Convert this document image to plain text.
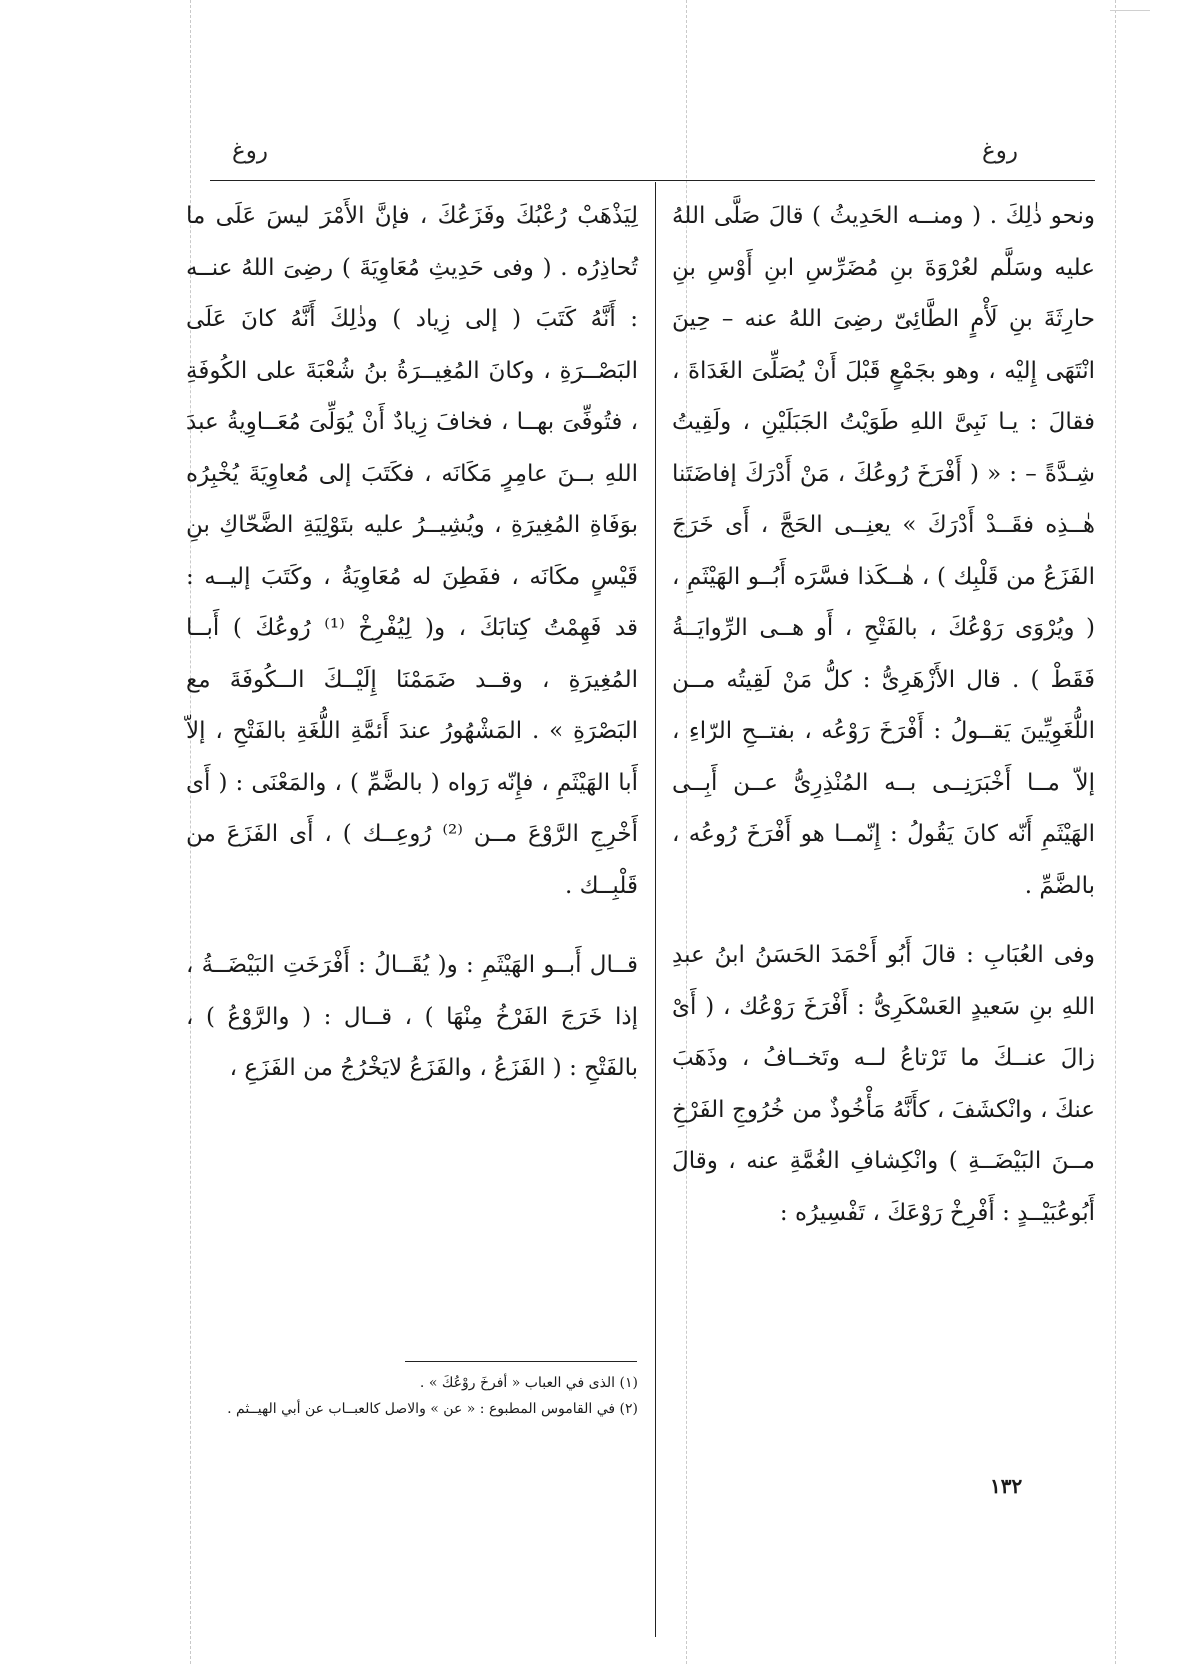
روغ	روغ

ونحو ذٰلِكَ . ( ومنــه الحَدِيثُ ) قالَ صَلَّى اللهُ عليه وسَلَّم لعُرْوَةَ بنِ مُضَرِّسِ ابنِ أَوْسِ بنِ حارِثَةَ بنِ لَأْمٍ الطَّائِىّ رضِىَ اللهُ عنه – حِينَ انْتَهَى إِليْه ، وهو بجَمْعٍ قَبْلَ أَنْ يُصَلِّىَ الغَدَاةَ ، فقالَ : يـا نَبِىَّ اللهِ طَوَيْتُ الجَبَلَيْنِ ، ولَقِيتُ شِـدَّةً – : « ( أَفْرَخَ رُوعُكَ ، مَنْ أَدْرَكَ إفاضَتَنا هٰــذِه فقَــدْ أَدْرَكَ » يعنِــى الحَجَّ ، أَى خَرَجَ الفَزَعُ من قَلْبِك ) ، هٰــكَذا فسَّرَه أَبُــو الهَيْثَمِ ، ( ويُرْوَى رَوْعُكَ ، بالفَتْحِ ، أَو هــى الرِّوايَــةُ فَقَطْ ) . قال الأَزْهَرِىُّ : كلُّ مَنْ لَقِيتُه مــن اللُّغَوِيِّينَ يَقــولُ : أَفْرَخَ رَوْعُه ، بفتــحِ الرّاءِ ، إلاّ مــا أَخْبَرَنِــى بــه المُنْذِرِىُّ عــن أَبِــى الهَيْثَمِ أَنّه كانَ يَقُولُ : إِنّمــا هو أَفْرَخَ رُوعُه ، بالضَّمِّ .

وفى العُبَابِ : قالَ أَبُو أَحْمَدَ الحَسَنُ ابنُ عبدِ اللهِ بنِ سَعيدٍ العَسْكَرِىُّ : أَفْرَخَ رَوْعُك ، ( أَىْ زالَ عنــكَ ما تَرْتاعُ لــه وتَخــافُ ، وذَهَبَ عنكَ ، وانْكشَفَ ، كأَنَّهُ مَأْخُوذٌ من خُرُوجِ الفَرْخِ مــنَ البَيْضَــةِ ) وانْكِشافِ الغُمَّةِ عنه ، وقالَ أَبُوعُبَيْــدٍ : أَفْرِخْ رَوْعَكَ ، تَفْسِيرُه :

لِيَذْهَبْ رُعْبُكَ وفَزَعُكَ ، فإنَّ الأَمْرَ ليسَ عَلَى ما تُحاذِرُه . ( وفى حَدِيثِ مُعَاوِيَةَ ) رضِىَ اللهُ عنــه : أَنَّهُ كَتَبَ ( إلى زِياد ) وذٰلِكَ أَنَّهُ كانَ عَلَى البَصْــرَةِ ، وكانَ المُغِيــرَةُ بنُ شُعْبَةَ على الكُوفَةِ ، فتُوفِّىَ بهــا ، فخافَ زِيادٌ أَنْ يُوَلِّىَ مُعَــاوِيةُ عبدَ اللهِ بــنَ عامِرٍ مَكَانَه ، فكَتَبَ إلى مُعاوِيَةَ يُخْبِرُه بوَفَاةِ المُغِيرَةِ ، ويُشِيــرُ عليه بتَوْلِيَةِ الضَّحّاكِ بنِ قَيْسٍ مكَانَه ، ففَطِنَ له مُعَاوِيَةُ ، وكَتَبَ إليــه : قد فَهِمْتُ كِتابَكَ ، و( لِيُفْرِخْ ⁽¹⁾ رُوعُكَ ) أَبــا المُغِيرَةِ ، وقــد ضَمَمْنَا إِلَيْــكَ الــكُوفَةَ مع البَصْرَةِ » . المَشْهُورُ عندَ أَئمَّةِ اللُّغَةِ بالفَتْحِ ، إلاّ أَبا الهَيْثَمِ ، فإِنّه رَواه ( بالضَّمِّ ) ، والمَعْنَى : ( أَى أَخْرِجِ الرَّوْعَ مــن ⁽²⁾ رُوعِــك ) ، أَى الفَزَعَ من قَلْبِــك .

قــال أَبــو الهَيْثَمِ : و( يُقَــالُ : أَفْرَخَتِ البَيْضَــةُ ، إذا خَرَجَ الفَرْخُ مِنْهَا ) ، قــال : ( والرَّوْعُ ) ، بالفَتْحِ : ( الفَزَعُ ، والفَزَعُ لايَخْرُجُ من الفَزَعِ ،

(١) الذى في العباب « أفرخَ روْعُكَ » .

(٢) في القاموس المطبوع : « عن » والاصل كالعبــاب عن أبي الهيــثم .

١٣٢
